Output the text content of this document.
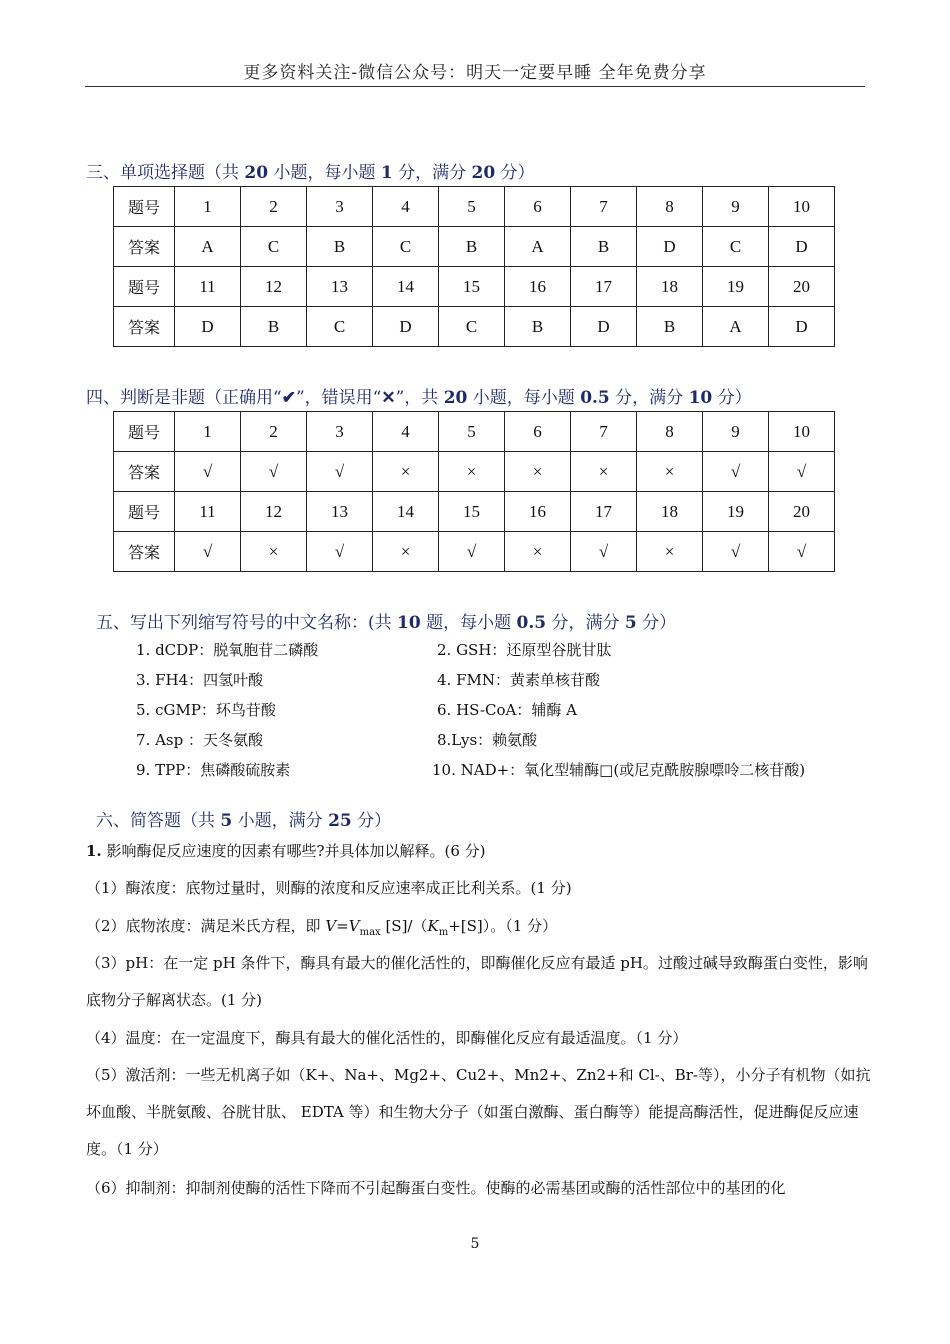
更多资料关注-微信公众号：明天一定要早睡 全年免费分享
三、单项选择题（共 20 小题，每小题 1 分，满分 20 分）
题号	1	2	3	4	5	6	7	8	9	10
答案	A	C	B	C	B	A	B	D	C	D
题号	11	12	13	14	15	16	17	18	19	20
答案	D	B	C	D	C	B	D	B	A	D
四、判断是非题（正确用“✔”，错误用“✕”，共 20 小题，每小题 0.5 分，满分 10 分）
题号	1	2	3	4	5	6	7	8	9	10
答案	√	√	√	×	×	×	×	×	√	√
题号	11	12	13	14	15	16	17	18	19	20
答案	√	×	√	×	√	×	√	×	√	√
五、写出下列缩写符号的中文名称：(共 10 题，每小题 0.5 分，满分 5 分）
1. dCDP：脱氧胞苷二磷酸	2. GSH：还原型谷胱甘肽
3. FH4：四氢叶酸	4. FMN：黄素单核苷酸
5. cGMP：环鸟苷酸	6. HS-CoA：辅酶 A
7. Asp ：天冬氨酸	8.Lys：赖氨酸
9. TPP：焦磷酸硫胺素	10. NAD+：氧化型辅酶□(或尼克酰胺腺嘌呤二核苷酸)
六、简答题（共 5 小题，满分 25 分）
1. 影响酶促反应速度的因素有哪些?并具体加以解释。(6 分)
（1）酶浓度：底物过量时，则酶的浓度和反应速率成正比利关系。(1 分)
（2）底物浓度：满足米氏方程，即 $V=V_{max}$ $[S]/(K_m+[S])$。（1 分）
（3）pH：在一定 pH 条件下，酶具有最大的催化活性的，即酶催化反应有最适 pH。过酸过碱导致酶蛋白变性，影响底物分子解离状态。(1 分)
（4）温度：在一定温度下，酶具有最大的催化活性的，即酶催化反应有最适温度。（1 分）
（5）激活剂：一些无机离子如（K+、Na+、Mg2+、Cu2+、Mn2+、Zn2+和 Cl-、Br-等），小分子有机物（如抗坏血酸、半胱氨酸、谷胱甘肽、 EDTA 等）和生物大分子（如蛋白激酶、蛋白酶等）能提高酶活性，促进酶促反应速度。（1 分）
（6）抑制剂：抑制剂使酶的活性下降而不引起酶蛋白变性。使酶的必需基团或酶的活性部位中的基团的化
5
